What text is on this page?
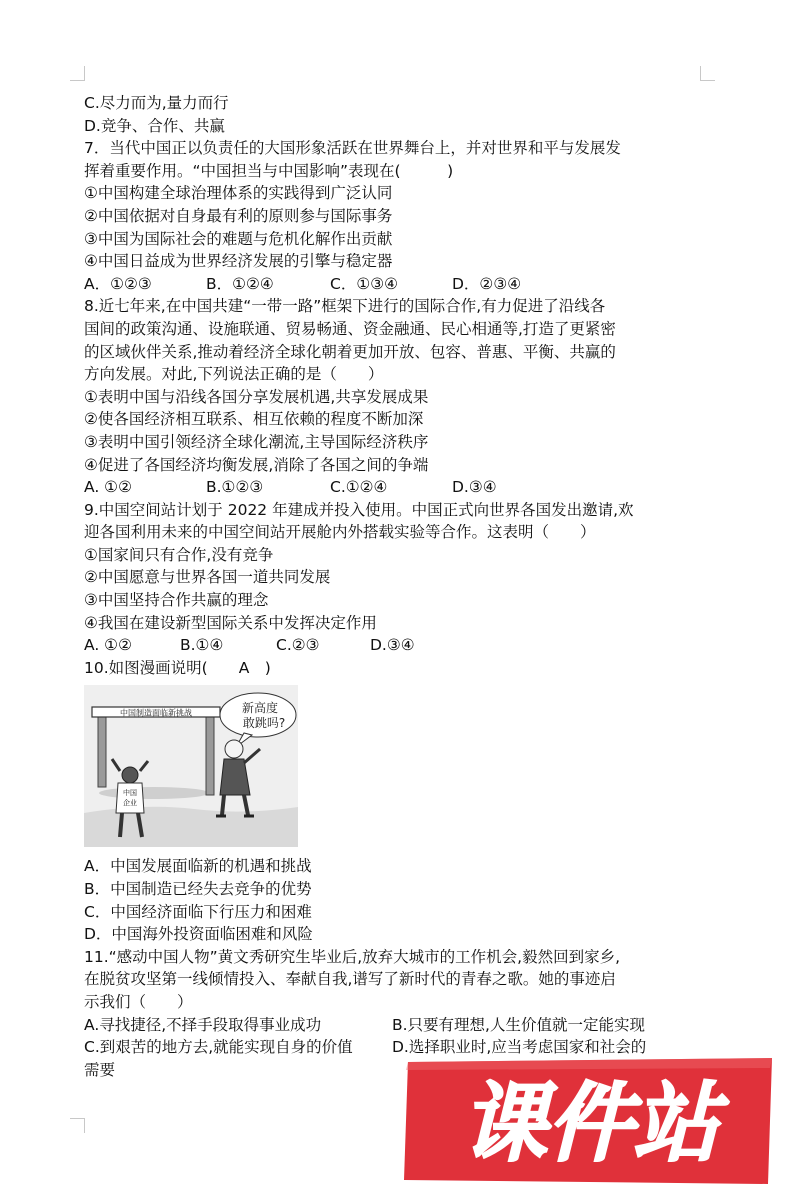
C.尽力而为,量力而行
D.竞争、合作、共赢
7．当代中国正以负责任的大国形象活跃在世界舞台上，并对世界和平与发展发
挥着重要作用。“中国担当与中国影响”表现在(　　　)
①中国构建全球治理体系的实践得到广泛认同
②中国依据对自身最有利的原则参与国际事务
③中国为国际社会的难题与危机化解作出贡献
④中国日益成为世界经济发展的引擎与稳定器
A．①②③	B．①②④	C．①③④	D．②③④
8.近七年来,在中国共建“一带一路”框架下进行的国际合作,有力促进了沿线各
国间的政策沟通、设施联通、贸易畅通、资金融通、民心相通等,打造了更紧密
的区域伙伴关系,推动着经济全球化朝着更加开放、包容、普惠、平衡、共赢的
方向发展。对此,下列说法正确的是（　　）
①表明中国与沿线各国分享发展机遇,共享发展成果
②使各国经济相互联系、相互依赖的程度不断加深
③表明中国引领经济全球化潮流,主导国际经济秩序
④促进了各国经济均衡发展,消除了各国之间的争端
A. ①②	B.①②③	C.①②④	D.③④
9.中国空间站计划于 2022 年建成并投入使用。中国正式向世界各国发出邀请,欢
迎各国利用未来的中国空间站开展舱内外搭载实验等合作。这表明（　　）
①国家间只有合作,没有竞争
②中国愿意与世界各国一道共同发展
③中国坚持合作共赢的理念
④我国在建设新型国际关系中发挥决定作用
A. ①②	B.①④	C.②③	D.③④
10.如图漫画说明(　　A　)
中国制造面临新挑战	新高度
敢跳吗?
中国
企业
A．中国发展面临新的机遇和挑战
B．中国制造已经失去竞争的优势
C．中国经济面临下行压力和困难
D．中国海外投资面临困难和风险
11.“感动中国人物”黄文秀研究生毕业后,放弃大城市的工作机会,毅然回到家乡,
在脱贫攻坚第一线倾情投入、奉献自我,谱写了新时代的青春之歌。她的事迹启
示我们（　　）
A.寻找捷径,不择手段取得事业成功	B.只要有理想,人生价值就一定能实现
C.到艰苦的地方去,就能实现自身的价值	D.选择职业时,应当考虑国家和社会的
需要
课件站
